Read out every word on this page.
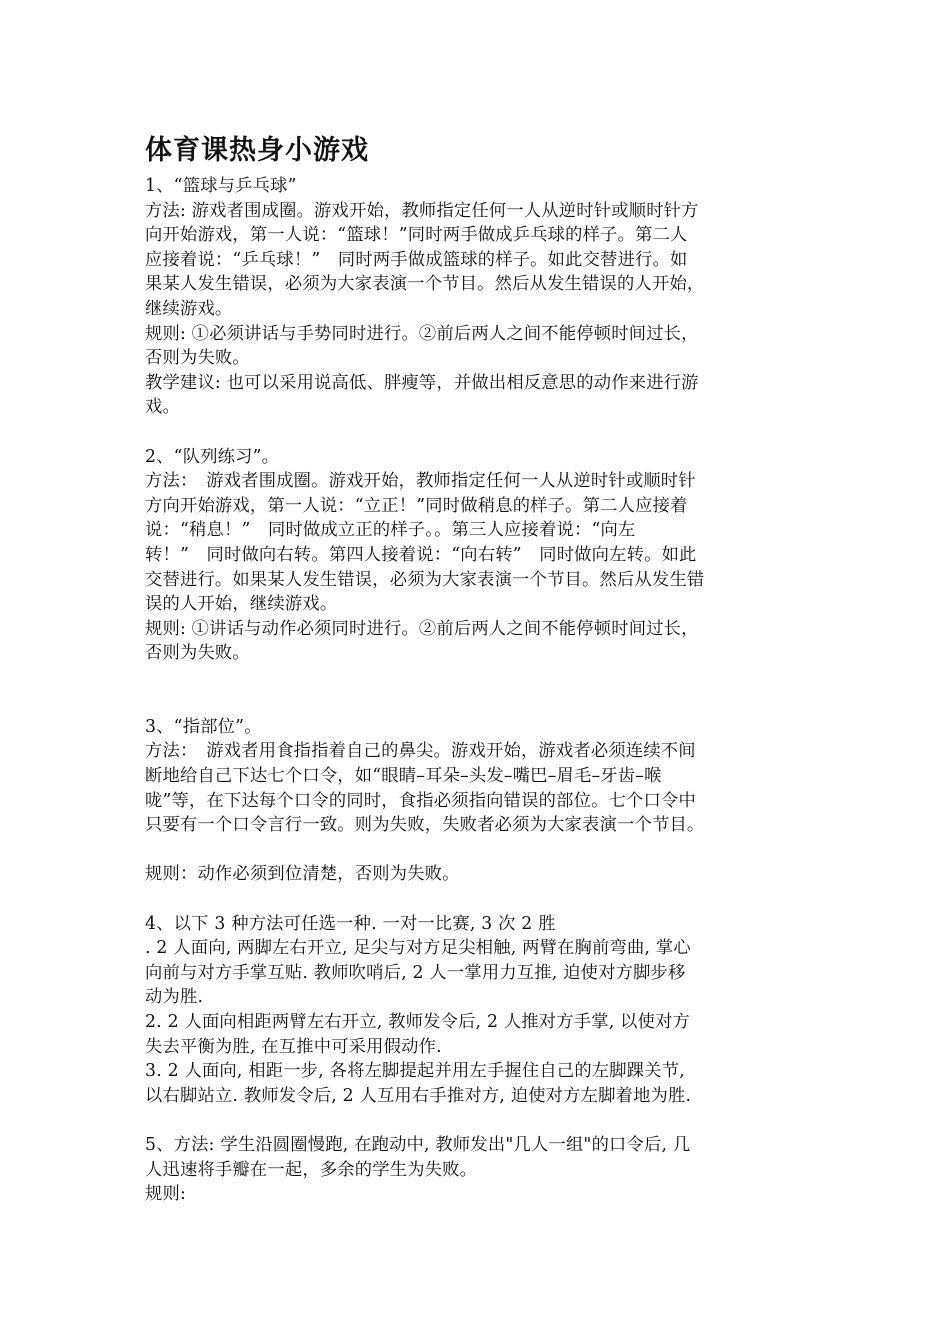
体育课热身小游戏
1、“篮球与乒乓球”
方法: 游戏者围成圈。游戏开始，教师指定任何一人从逆时针或顺时针方
向开始游戏，第一人说：“篮球！”同时两手做成乒乓球的样子。第二人
应接着说：“乒乓球！”　同时两手做成篮球的样子。如此交替进行。如
果某人发生错误，必须为大家表演一个节目。然后从发生错误的人开始，
继续游戏。
规则: ①必须讲话与手势同时进行。②前后两人之间不能停顿时间过长，
否则为失败。
教学建议: 也可以采用说高低、胖瘦等，并做出相反意思的动作来进行游
戏。
2、“队列练习”。
方法：　游戏者围成圈。游戏开始，教师指定任何一人从逆时针或顺时针
方向开始游戏，第一人说：“立正！”同时做稍息的样子。第二人应接着
说：“稍息！”　同时做成立正的样子。。第三人应接着说：“向左
转！”　同时做向右转。第四人接着说：“向右转”　同时做向左转。如此
交替进行。如果某人发生错误，必须为大家表演一个节目。然后从发生错
误的人开始，继续游戏。
规则: ①讲话与动作必须同时进行。②前后两人之间不能停顿时间过长，
否则为失败。
3、“指部位”。
方法：　游戏者用食指指着自己的鼻尖。游戏开始，游戏者必须连续不间
断地给自己下达七个口令，如“眼睛–耳朵–头发–嘴巴–眉毛–牙齿–喉
咙”等，在下达每个口令的同时，食指必须指向错误的部位。七个口令中
只要有一个口令言行一致。则为失败，失败者必须为大家表演一个节目。
规则：动作必须到位清楚，否则为失败。
4、以下 3 种方法可任选一种. 一对一比赛, 3 次 2 胜
. 2 人面向, 两脚左右开立, 足尖与对方足尖相触, 两臂在胸前弯曲, 掌心
向前与对方手掌互贴. 教师吹哨后, 2 人一掌用力互推, 迫使对方脚步移
动为胜.
2. 2 人面向相距两臂左右开立, 教师发令后, 2 人推对方手掌, 以使对方
失去平衡为胜, 在互推中可采用假动作.
3. 2 人面向, 相距一步, 各将左脚提起并用左手握住自己的左脚踝关节,
以右脚站立. 教师发令后, 2 人互用右手推对方, 迫使对方左脚着地为胜.
5、方法: 学生沿圆圈慢跑, 在跑动中, 教师发出"几人一组"的口令后, 几
人迅速将手瓣在一起，多余的学生为失败。
规则:
